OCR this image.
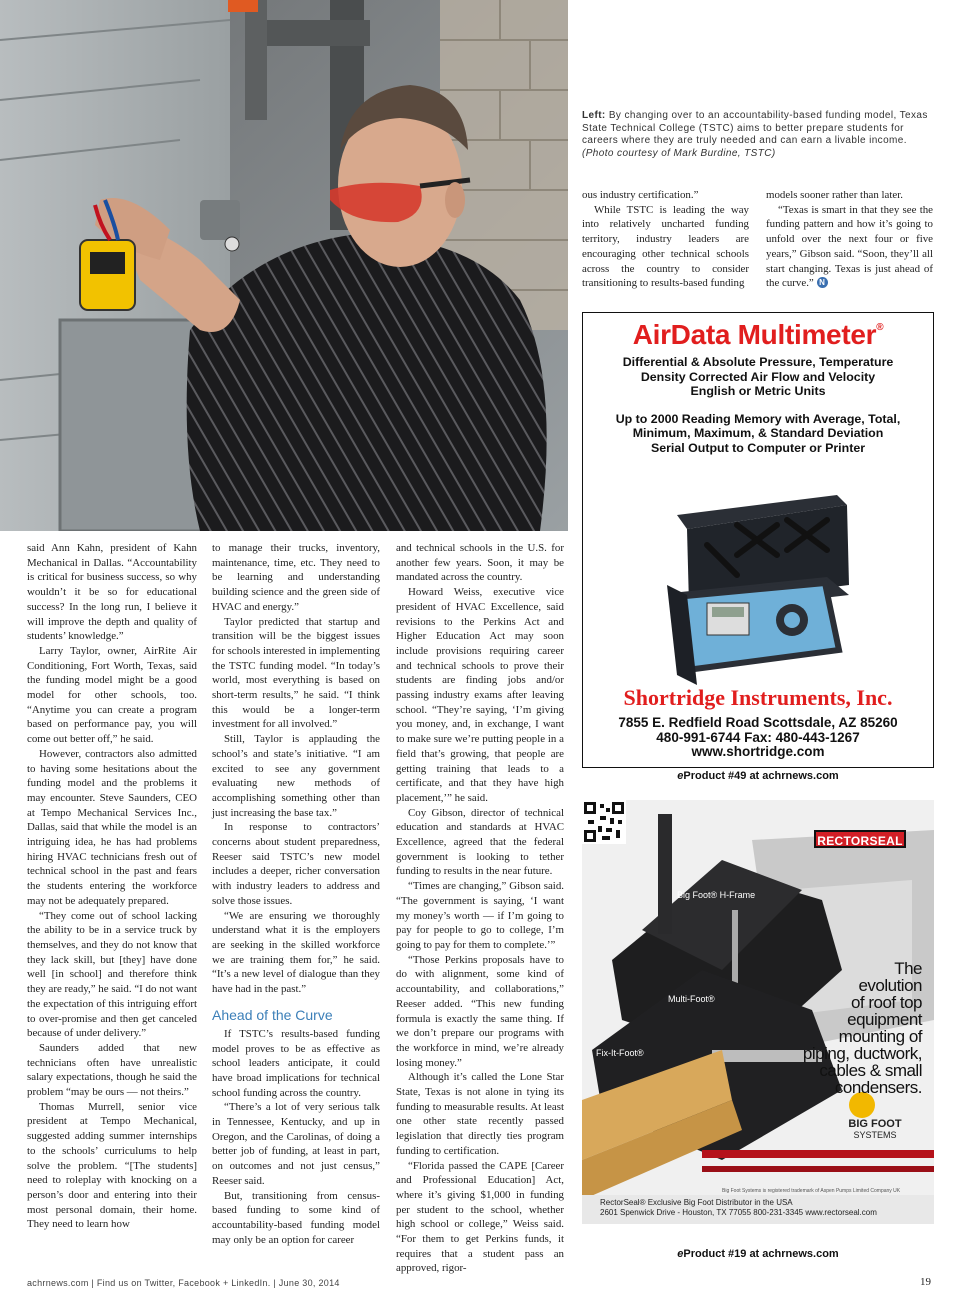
Left: By changing over to an accountability-based funding model, Texas State Technical College (TSTC) aims to better prepare students for careers where they are truly needed and can earn a livable income. (Photo courtesy of Mark Burdine, TSTC)

ous industry certification.”

While TSTC is leading the way into relatively uncharted funding territory, industry leaders are encouraging other technical schools across the country to consider transitioning to results-based funding

models sooner rather than later.

“Texas is smart in that they see the funding pattern and how it’s going to unfold over the next four or five years,” Gibson said. “Soon, they’ll all start changing. Texas is just ahead of the curve.” N

said Ann Kahn, president of Kahn Mechanical in Dallas. “Accountability is critical for business success, so why wouldn’t it be so for educational success? In the long run, I believe it will improve the depth and quality of students’ knowledge.”

Larry Taylor, owner, AirRite Air Conditioning, Fort Worth, Texas, said the funding model might be a good model for other schools, too. “Anytime you can create a program based on performance pay, you will come out better off,” he said.

However, contractors also admitted to having some hesitations about the funding model and the problems it may encounter. Steve Saunders, CEO at Tempo Mechanical Services Inc., Dallas, said that while the model is an intriguing idea, he has had problems hiring HVAC technicians fresh out of technical school in the past and fears the students entering the workforce may not be adequately prepared.

“They come out of school lacking the ability to be in a service truck by themselves, and they do not know that they lack skill, but [they] have done well [in school] and therefore think they are ready,” he said. “I do not want the expectation of this intriguing effort to over-promise and then get canceled because of under delivery.”

Saunders added that new technicians often have unrealistic salary expectations, though he said the problem “may be ours — not theirs.”

Thomas Murrell, senior vice president at Tempo Mechanical, suggested adding summer internships to the schools’ curriculums to help solve the problem. “[The students] need to roleplay with knocking on a person’s door and entering into their most personal domain, their home. They need to learn how

to manage their trucks, inventory, maintenance, time, etc. They need to be learning and understanding building science and the green side of HVAC and energy.”

Taylor predicted that startup and transition will be the biggest issues for schools interested in implementing the TSTC funding model. “In today’s world, most everything is based on short-term results,” he said. “I think this would be a longer-term investment for all involved.”

Still, Taylor is applauding the school’s and state’s initiative. “I am excited to see any government evaluating new methods of accomplishing something other than just increasing the base tax.”

In response to contractors’ concerns about student preparedness, Reeser said TSTC’s new model includes a deeper, richer conversation with industry leaders to address and solve those issues.

“We are ensuring we thoroughly understand what it is the employers are seeking in the skilled workforce we are training them for,” he said. “It’s a new level of dialogue than they have had in the past.”

Ahead of the Curve

If TSTC’s results-based funding model proves to be as effective as school leaders anticipate, it could have broad implications for technical school funding across the country.

“There’s a lot of very serious talk in Tennessee, Kentucky, and up in Oregon, and the Carolinas, of doing a better job of funding, at least in part, on outcomes and not just census,” Reeser said.

But, transitioning from census-based funding to some kind of accountability-based funding model may only be an option for career

and technical schools in the U.S. for another few years. Soon, it may be mandated across the country.

Howard Weiss, executive vice president of HVAC Excellence, said revisions to the Perkins Act and Higher Education Act may soon include provisions requiring career and technical schools to prove their students are finding jobs and/or passing industry exams after leaving school. “They’re saying, ‘I’m giving you money, and, in exchange, I want to make sure we’re putting people in a field that’s growing, that people are getting training that leads to a certificate, and that they have high placement,’” he said.

Coy Gibson, director of technical education and standards at HVAC Excellence, agreed that the federal government is looking to tether funding to results in the near future.

“Times are changing,” Gibson said. “The government is saying, ‘I want my money’s worth — if I’m going to pay for people to go to college, I’m going to pay for them to complete.’”

“Those Perkins proposals have to do with alignment, some kind of accountability, and collaborations,” Reeser added. “This new funding formula is exactly the same thing. If we don’t prepare our programs with the workforce in mind, we’re already losing money.”

Although it’s called the Lone Star State, Texas is not alone in tying its funding to measurable results. At least one other state recently passed legislation that directly ties program funding to certification.

“Florida passed the CAPE [Career and Professional Education] Act, where it’s giving $1,000 in funding per student to the school, whether high school or college,” Weiss said. “For them to get Perkins funds, it requires that a student pass an approved, rigor-

AirData Multimeter®
Differential & Absolute Pressure, Temperature
Density Corrected Air Flow and Velocity
English or Metric Units
Up to 2000 Reading Memory with Average, Total,
Minimum, Maximum, & Standard Deviation
Serial Output to Computer or Printer
Shortridge Instruments, Inc.
7855 E. Redfield Road Scottsdale, AZ 85260
480-991-6744 Fax: 480-443-1267
www.shortridge.com
eProduct #49 at achrnews.com
RECTORSEAL
Big Foot® H-Frame
Multi-Foot®
Fix-It-Foot®
The
evolution
of roof top
equipment
mounting of
piping, ductwork,
cables & small
condensers.
BIG FOOT
SYSTEMS
Big Foot Systems is registered trademark of Aspen Pumps Limited Company UK
RectorSeal® Exclusive Big Foot Distributor in the USA
2601 Spenwick Drive - Houston, TX 77055 800-231-3345 www.rectorseal.com
eProduct #19 at achrnews.com
achrnews.com | Find us on Twitter, Facebook + LinkedIn. | June 30, 2014	19
